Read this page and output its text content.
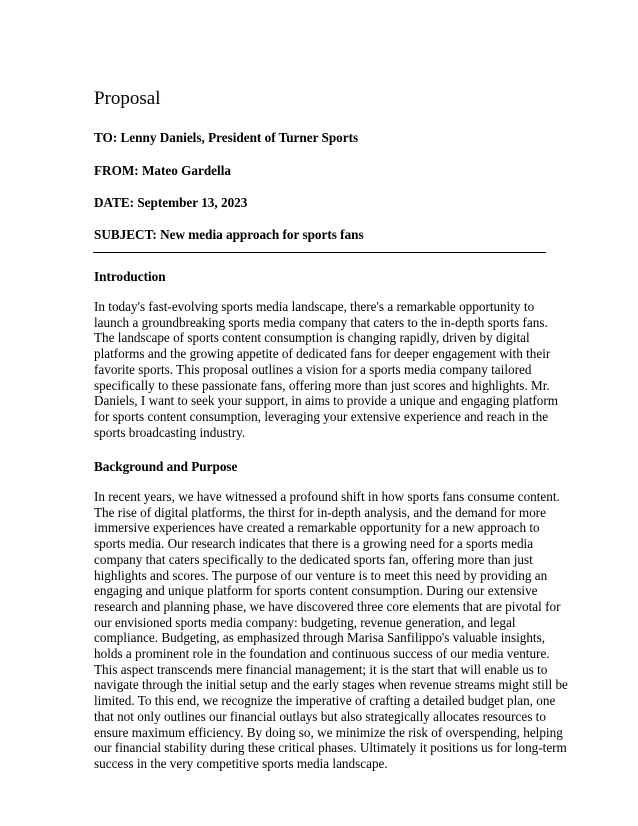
Proposal

TO: Lenny Daniels, President of Turner Sports

FROM: Mateo Gardella

DATE: September 13, 2023

SUBJECT: New media approach for sports fans

Introduction
In today's fast-evolving sports media landscape, there's a remarkable opportunity to
launch a groundbreaking sports media company that caters to the in-depth sports fans.
The landscape of sports content consumption is changing rapidly, driven by digital
platforms and the growing appetite of dedicated fans for deeper engagement with their
favorite sports. This proposal outlines a vision for a sports media company tailored
specifically to these passionate fans, offering more than just scores and highlights. Mr.
Daniels, I want to seek your support, in aims to provide a unique and engaging platform
for sports content consumption, leveraging your extensive experience and reach in the
sports broadcasting industry.
Background and Purpose
In recent years, we have witnessed a profound shift in how sports fans consume content.
The rise of digital platforms, the thirst for in-depth analysis, and the demand for more
immersive experiences have created a remarkable opportunity for a new approach to
sports media. Our research indicates that there is a growing need for a sports media
company that caters specifically to the dedicated sports fan, offering more than just
highlights and scores. The purpose of our venture is to meet this need by providing an
engaging and unique platform for sports content consumption. During our extensive
research and planning phase, we have discovered three core elements that are pivotal for
our envisioned sports media company: budgeting, revenue generation, and legal
compliance. Budgeting, as emphasized through Marisa Sanfilippo's valuable insights,
holds a prominent role in the foundation and continuous success of our media venture.
This aspect transcends mere financial management; it is the start that will enable us to
navigate through the initial setup and the early stages when revenue streams might still be
limited. To this end, we recognize the imperative of crafting a detailed budget plan, one
that not only outlines our financial outlays but also strategically allocates resources to
ensure maximum efficiency. By doing so, we minimize the risk of overspending, helping
our financial stability during these critical phases. Ultimately it positions us for long-term
success in the very competitive sports media landscape.
